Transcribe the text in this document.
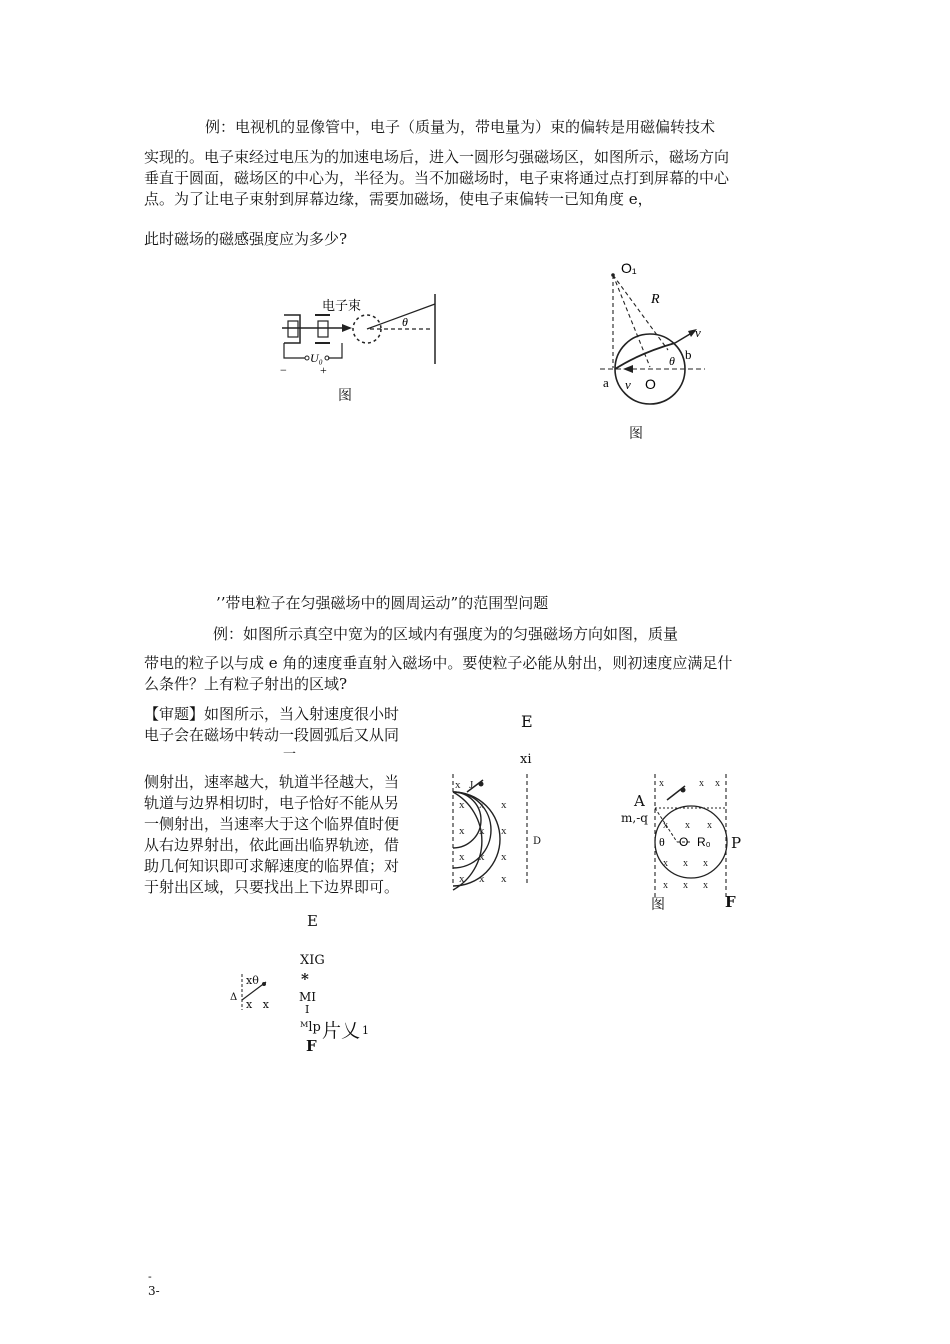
例：电视机的显像管中，电子（质量为，带电量为）束的偏转是用磁偏转技术
实现的。电子束经过电压为的加速电场后，进入一圆形匀强磁场区，如图所示，磁场方向
垂直于圆面，磁场区的中心为，半径为。当不加磁场时，电子束将通过点打到屏幕的中心
点。为了让电子束射到屏幕边缘，需要加磁场，使电子束偏转一已知角度 e，
此时磁场的磁感强度应为多少?
U₀
−	+
电子束
θ
图
O₁
R
v
b
θ
a v O
图
’’带电粒子在匀强磁场中的圆周运动”的范围型问题
例：如图所示真空中宽为的区域内有强度为的匀强磁场方向如图，质量
带电的粒子以与成 e 角的速度垂直射入磁场中。要使粒子必能从射出，则初速度应满足什
么条件？上有粒子射出的区域?
【审题】如图所示，当入射速度很小时
电子会在磁场中转动一段圆弧后又从同
一
侧射出，速率越大，轨道半径越大，当
轨道与边界相切时，电子恰好不能从另
一侧射出，当速率大于这个临界值时便
从右边界射出，依此画出临界轨迹，借
助几何知识即可求解速度的临界值；对
于射出区域，只要找出上下边界即可。
E
xi
x J
x x x
x x x
x x x
x x x
D
x	x x
x x x
x x x
x x x
θ O R₀
A
m,-q
P
图	F
E
XIG
*
MI
I
ᴹlp 片乂 1
F
Δ
xθ
x   x
-
3-
